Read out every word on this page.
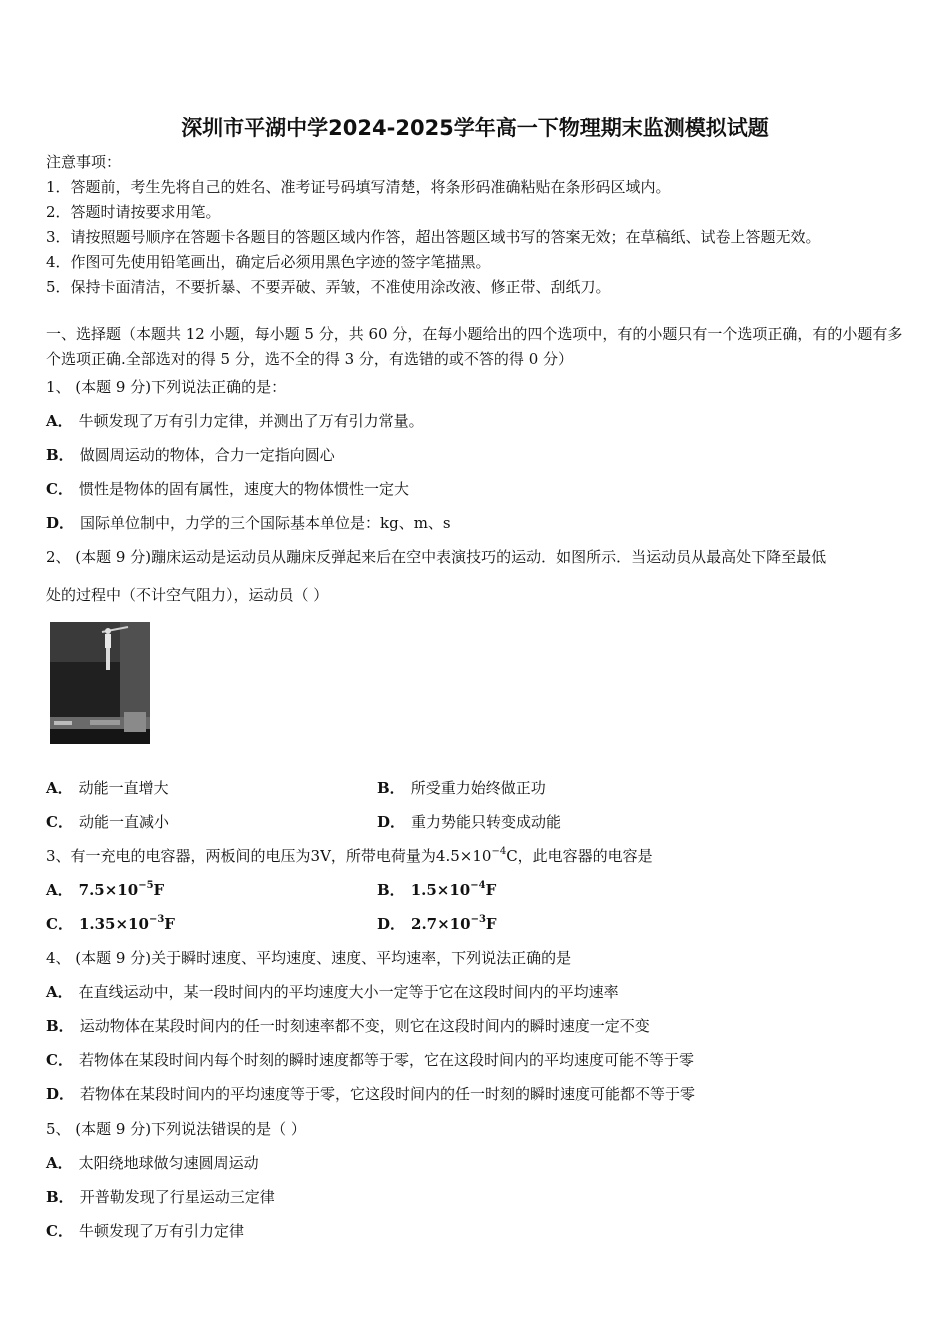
深圳市平湖中学2024-2025学年高一下物理期末监测模拟试题
注意事项：
1．答题前，考生先将自己的姓名、准考证号码填写清楚，将条形码准确粘贴在条形码区域内。
2．答题时请按要求用笔。
3．请按照题号顺序在答题卡各题目的答题区域内作答，超出答题区域书写的答案无效；在草稿纸、试卷上答题无效。
4．作图可先使用铅笔画出，确定后必须用黑色字迹的签字笔描黑。
5．保持卡面清洁，不要折暴、不要弄破、弄皱，不准使用涂改液、修正带、刮纸刀。
一、选择题（本题共 12 小题，每小题 5 分，共 60 分，在每小题给出的四个选项中，有的小题只有一个选项正确，有的小题有多个选项正确.全部选对的得 5 分，选不全的得 3 分，有选错的或不答的得 0 分）
1、 (本题 9 分)下列说法正确的是：
A． 牛顿发现了万有引力定律，并测出了万有引力常量。
B． 做圆周运动的物体，合力一定指向圆心
C． 惯性是物体的固有属性，速度大的物体惯性一定大
D． 国际单位制中，力学的三个国际基本单位是：kg、m、s
2、 (本题 9 分)蹦床运动是运动员从蹦床反弹起来后在空中表演技巧的运动．如图所示．当运动员从最高处下降至最低
处的过程中（不计空气阻力），运动员（ ）
A． 动能一直增大	B． 所受重力始终做正功
C． 动能一直减小	D． 重力势能只转变成动能
3、有一充电的电容器，两板间的电压为3V，所带电荷量为$4.5\times 10^{-4}C$，此电容器的电容是
A． $7.5\times 10^{-5}F$	B． $1.5\times 10^{-4}F$
C． $1.35\times 10^{-3}F$	D． $2.7\times 10^{-3}F$
4、 (本题 9 分)关于瞬时速度、平均速度、速度、平均速率，下列说法正确的是
A． 在直线运动中，某一段时间内的平均速度大小一定等于它在这段时间内的平均速率
B． 运动物体在某段时间内的任一时刻速率都不变，则它在这段时间内的瞬时速度一定不变
C． 若物体在某段时间内每个时刻的瞬时速度都等于零，它在这段时间内的平均速度可能不等于零
D． 若物体在某段时间内的平均速度等于零，它这段时间内的任一时刻的瞬时速度可能都不等于零
5、 (本题 9 分)下列说法错误的是（ ）
A． 太阳绕地球做匀速圆周运动
B． 开普勒发现了行星运动三定律
C． 牛顿发现了万有引力定律
